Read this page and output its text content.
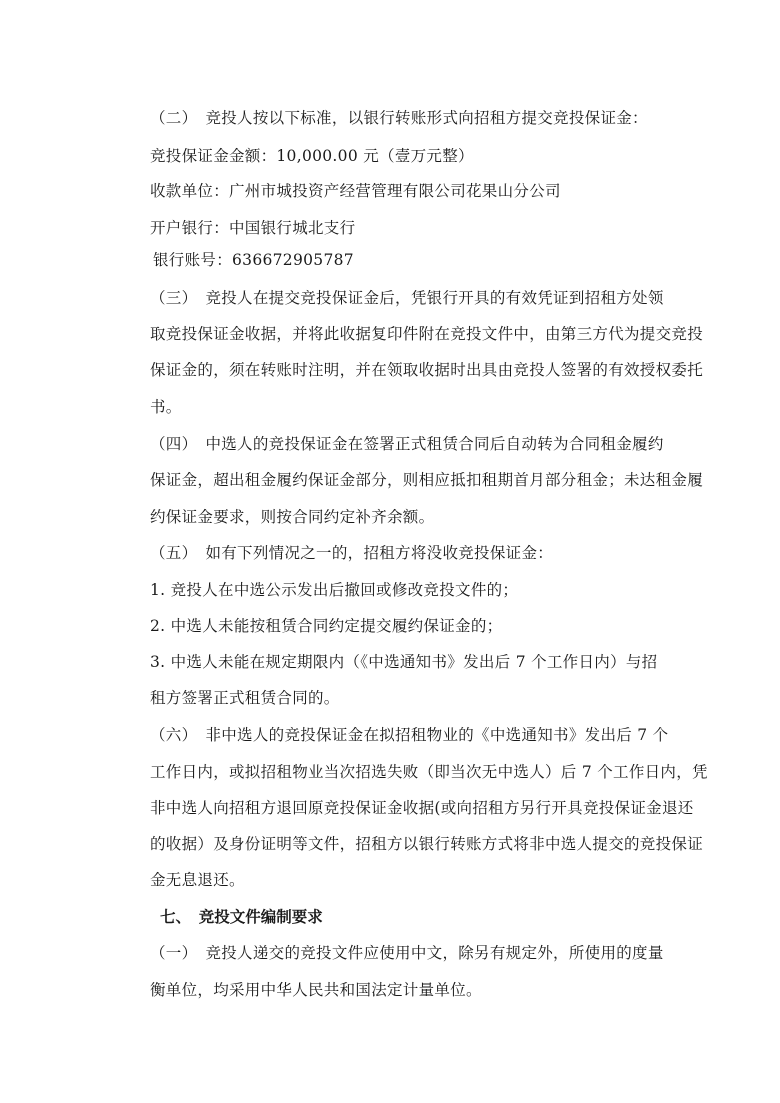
（二）　竞投人按以下标准，以银行转账形式向招租方提交竞投保证金：
竞投保证金金额：10,000.00 元（壹万元整）
收款单位：广州市城投资产经营管理有限公司花果山分公司
开户银行：中国银行城北支行
银行账号：636672905787
（三）　竞投人在提交竞投保证金后，凭银行开具的有效凭证到招租方处领
取竞投保证金收据，并将此收据复印件附在竞投文件中，由第三方代为提交竞投
保证金的，须在转账时注明，并在领取收据时出具由竞投人签署的有效授权委托
书。
（四）　中选人的竞投保证金在签署正式租赁合同后自动转为合同租金履约
保证金，超出租金履约保证金部分，则相应抵扣租期首月部分租金；未达租金履
约保证金要求，则按合同约定补齐余额。
（五）　如有下列情况之一的，招租方将没收竞投保证金：
1. 竞投人在中选公示发出后撤回或修改竞投文件的；
2. 中选人未能按租赁合同约定提交履约保证金的；
3. 中选人未能在规定期限内（《中选通知书》发出后 7 个工作日内）与招
租方签署正式租赁合同的。
（六）　非中选人的竞投保证金在拟招租物业的《中选通知书》发出后 7 个
工作日内，或拟招租物业当次招选失败（即当次无中选人）后 7 个工作日内，凭
非中选人向招租方退回原竞投保证金收据(或向招租方另行开具竞投保证金退还
的收据）及身份证明等文件，招租方以银行转账方式将非中选人提交的竞投保证
金无息退还。
七、　竞投文件编制要求
（一）　竞投人递交的竞投文件应使用中文，除另有规定外，所使用的度量
衡单位，均采用中华人民共和国法定计量单位。
